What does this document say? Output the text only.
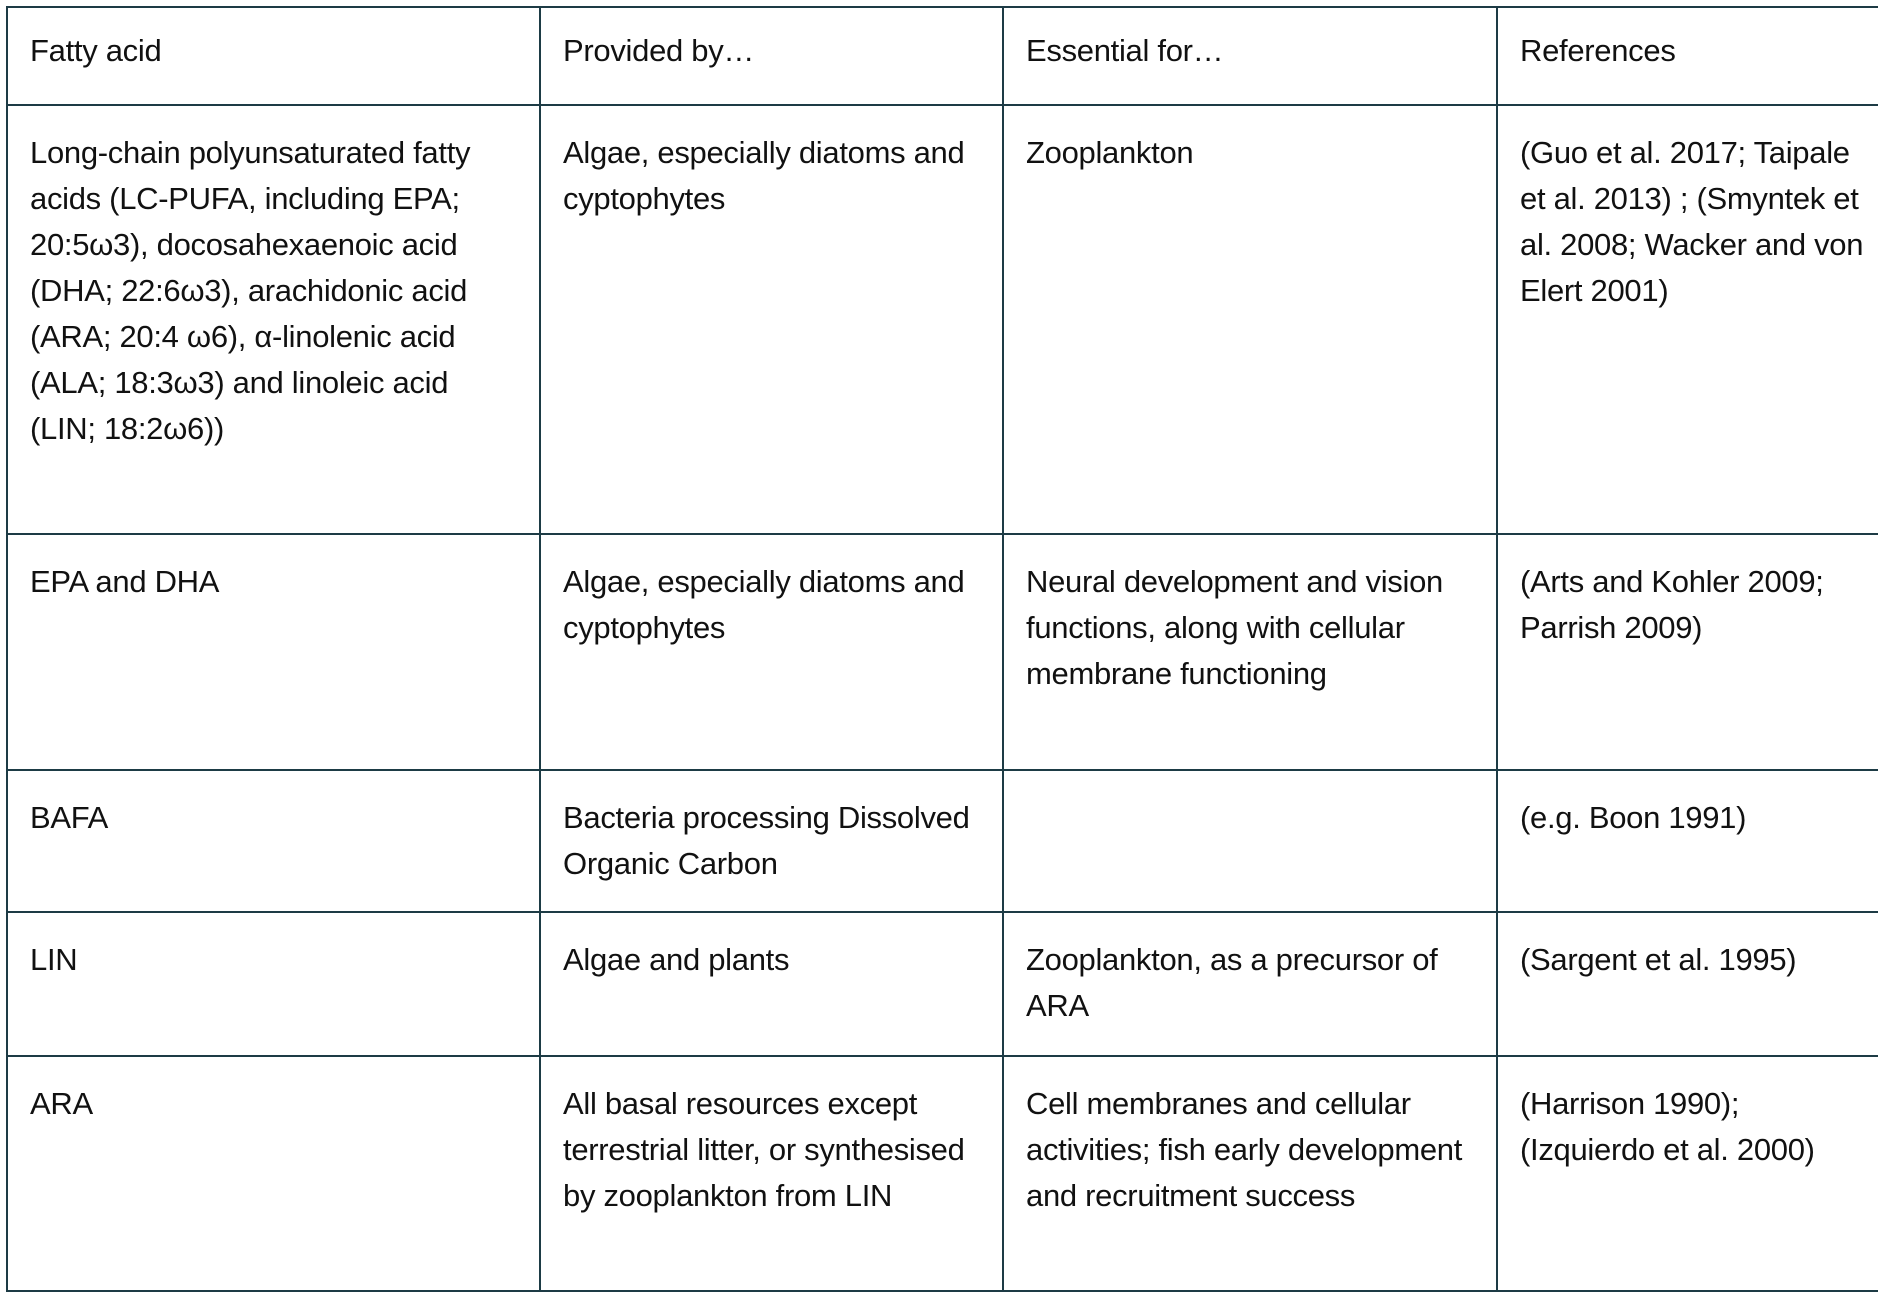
Fatty acid	Provided by…	Essential for…	References
Long-chain polyunsaturated fatty acids (LC-PUFA, including EPA; 20:5ω3), docosahexaenoic acid (DHA; 22:6ω3), arachidonic acid (ARA; 20:4 ω6), α-linolenic acid (ALA; 18:3ω3) and linoleic acid (LIN; 18:2ω6))	Algae, especially diatoms and cyptophytes	Zooplankton	(Guo et al. 2017; Taipale et al. 2013) ; (Smyntek et al. 2008; Wacker and von Elert 2001)
EPA and DHA	Algae, especially diatoms and cyptophytes	Neural development and vision functions, along with cellular membrane functioning	(Arts and Kohler 2009; Parrish 2009)
BAFA	Bacteria processing Dissolved Organic Carbon		(e.g. Boon 1991)
LIN	Algae and plants	Zooplankton, as a precursor of ARA	(Sargent et al. 1995)
ARA	All basal resources except terrestrial litter, or synthesised by zooplankton from LIN	Cell membranes and cellular activities; fish early development and recruitment success	(Harrison 1990); (Izquierdo et al. 2000)
